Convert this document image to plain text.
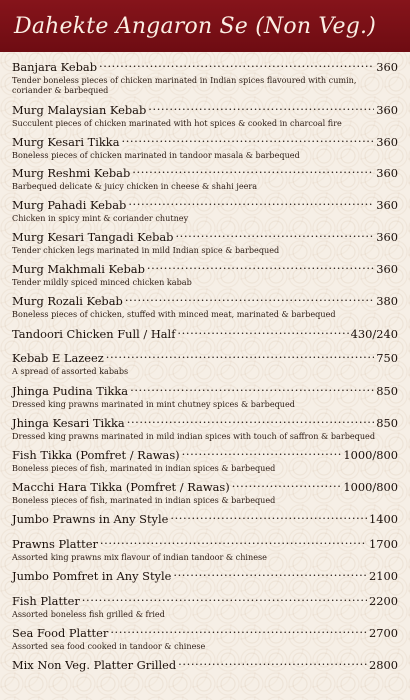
Dahekte Angaron Se (Non Veg.)
Banjara Kebab .....	360
Tender boneless pieces of chicken marinated in Indian spices flavoured with cumin, coriander & barbequed
Murg Malaysian Kebab .....	360
Succulent pieces of chicken marinated with hot spices & cooked in charcoal fire
Murg Kesari Tikka .....	360
Boneless pieces of chicken marinated in tandoor masala & barbequed
Murg Reshmi Kebab .....	360
Barbequed delicate & juicy chicken in cheese & shahi jeera
Murg Pahadi Kebab .....	360
Chicken in spicy mint & coriander chutney
Murg Kesari Tangadi Kebab .....	360
Tender chicken legs marinated in mild Indian spice & barbequed
Murg Makhmali Kebab .....	360
Tender mildly spiced minced chicken kabab
Murg Rozali Kebab .....	380
Boneless pieces of chicken, stuffed with minced meat, marinated & barbequed
Tandoori Chicken Full / Half .....	430/240
Kebab E Lazeez .....	750
A spread of assorted kababs
Jhinga Pudina Tikka .....	850
Dressed king prawns marinated in mint chutney spices & barbequed
Jhinga Kesari Tikka .....	850
Dressed king prawns marinated in mild indian spices with touch of saffron & barbequed
Fish Tikka (Pomfret / Rawas) .....	1000/800
Boneless pieces of fish, marinated in indian spices & barbequed
Macchi Hara Tikka (Pomfret / Rawas) .....	1000/800
Boneless pieces of fish, marinated in indian spices & barbequed
Jumbo Prawns in Any Style .....	1400
Prawns Platter .....	1700
Assorted king prawns mix flavour of indian tandoor & chinese
Jumbo Pomfret in Any Style .....	2100
Fish Platter .....	2200
Assorted boneless fish grilled & fried
Sea Food Platter .....	2700
Assorted sea food cooked in tandoor & chinese
Mix Non Veg. Platter Grilled .....	2800
